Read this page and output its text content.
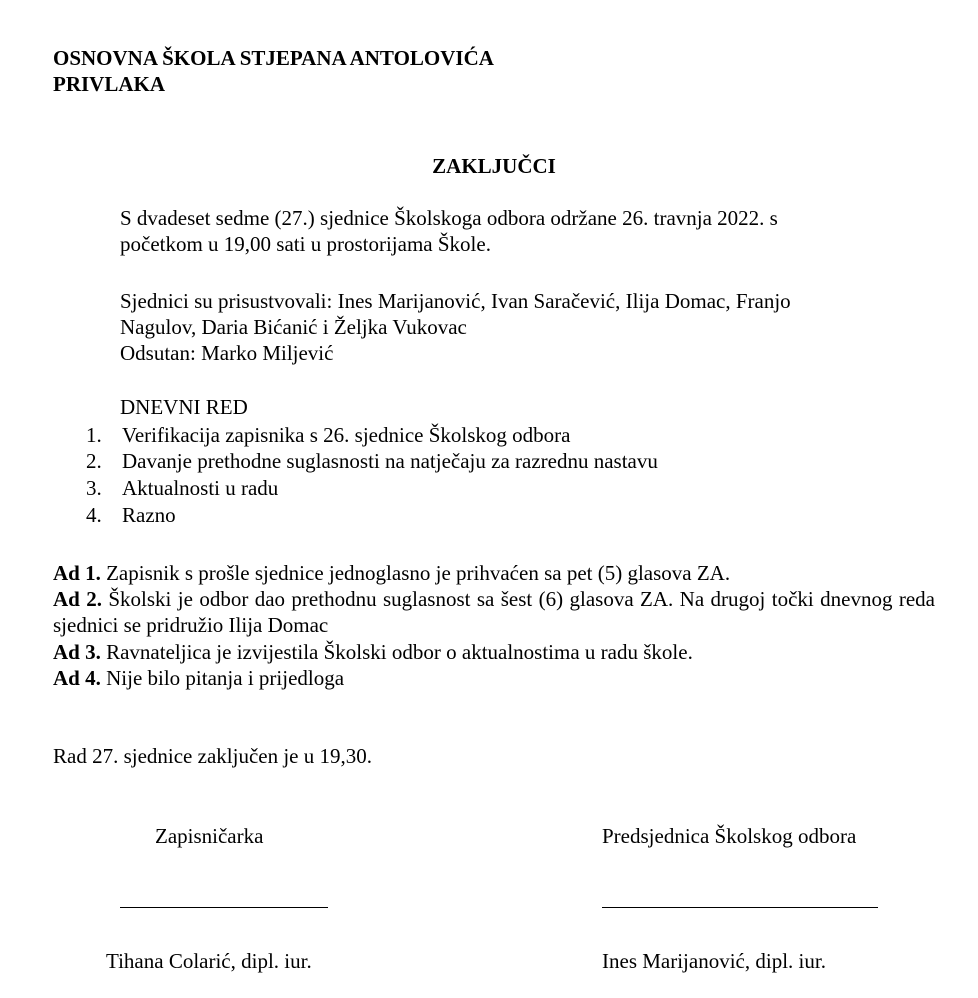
OSNOVNA ŠKOLA STJEPANA ANTOLOVIĆA

PRIVLAKA

ZAKLJUČCI

S dvadeset sedme (27.) sjednice Školskoga odbora održane 26. travnja 2022. s

početkom u 19,00 sati u prostorijama Škole.

Sjednici su prisustvovali: Ines Marijanović, Ivan Saračević, Ilija Domac, Franjo

Nagulov, Daria Bićanić i Željka Vukovac

Odsutan: Marko Miljević

DNEVNI RED

1. Verifikacija zapisnika s 26. sjednice Školskog odbora
2. Davanje prethodne suglasnosti na natječaju za razrednu nastavu
3. Aktualnosti u radu
4. Razno

Ad 1. Zapisnik s prošle sjednice jednoglasno je prihvaćen sa pet (5) glasova ZA.

Ad 2. Školski je odbor dao prethodnu suglasnost sa šest (6) glasova ZA. Na drugoj točki dnevnog reda sjednici se pridružio Ilija Domac

Ad 3. Ravnateljica je izvijestila Školski odbor o aktualnostima u radu škole.

Ad 4. Nije bilo pitanja i prijedloga

Rad 27. sjednice zaključen je u 19,30.

Zapisničarka	Predsjednica Školskog odbora

Tihana Colarić, dipl. iur.	Ines Marijanović, dipl. iur.
